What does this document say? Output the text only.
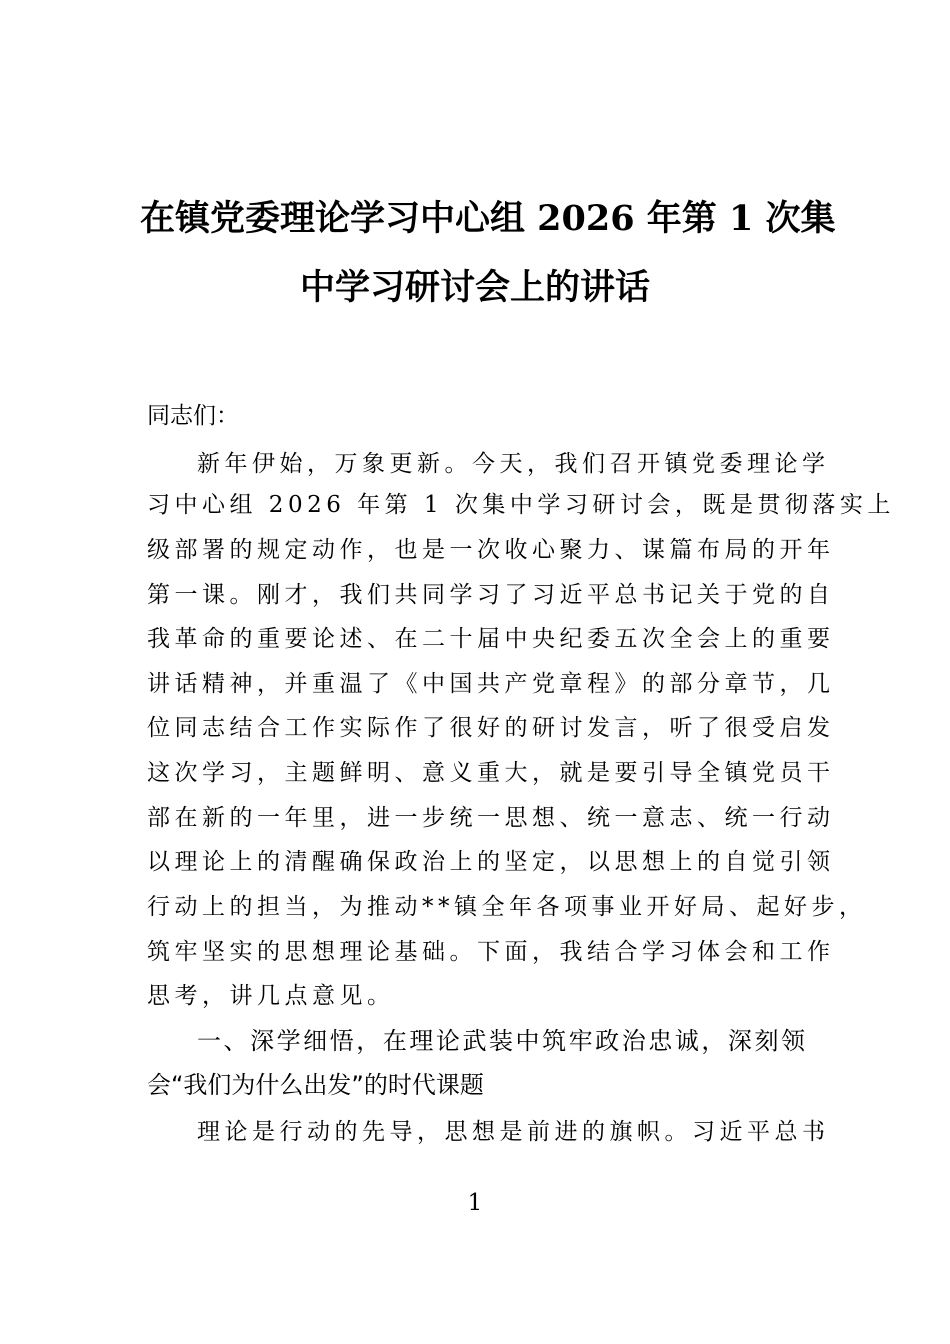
在镇党委理论学习中心组 2026 年第 1 次集
中学习研讨会上的讲话
同志们：
新年伊始，万象更新。今天，我们召开镇党委理论学
习中心组 2026 年第 1 次集中学习研讨会，既是贯彻落实上
级部署的规定动作，也是一次收心聚力、谋篇布局的开年
第一课。刚才，我们共同学习了习近平总书记关于党的自
我革命的重要论述、在二十届中央纪委五次全会上的重要
讲话精神，并重温了《中国共产党章程》的部分章节，几
位同志结合工作实际作了很好的研讨发言，听了很受启发
这次学习，主题鲜明、意义重大，就是要引导全镇党员干
部在新的一年里，进一步统一思想、统一意志、统一行动
以理论上的清醒确保政治上的坚定，以思想上的自觉引领
行动上的担当，为推动**镇全年各项事业开好局、起好步，
筑牢坚实的思想理论基础。下面，我结合学习体会和工作
思考，讲几点意见。
一、深学细悟，在理论武装中筑牢政治忠诚，深刻领
会“我们为什么出发”的时代课题
理论是行动的先导，思想是前进的旗帜。习近平总书
1
